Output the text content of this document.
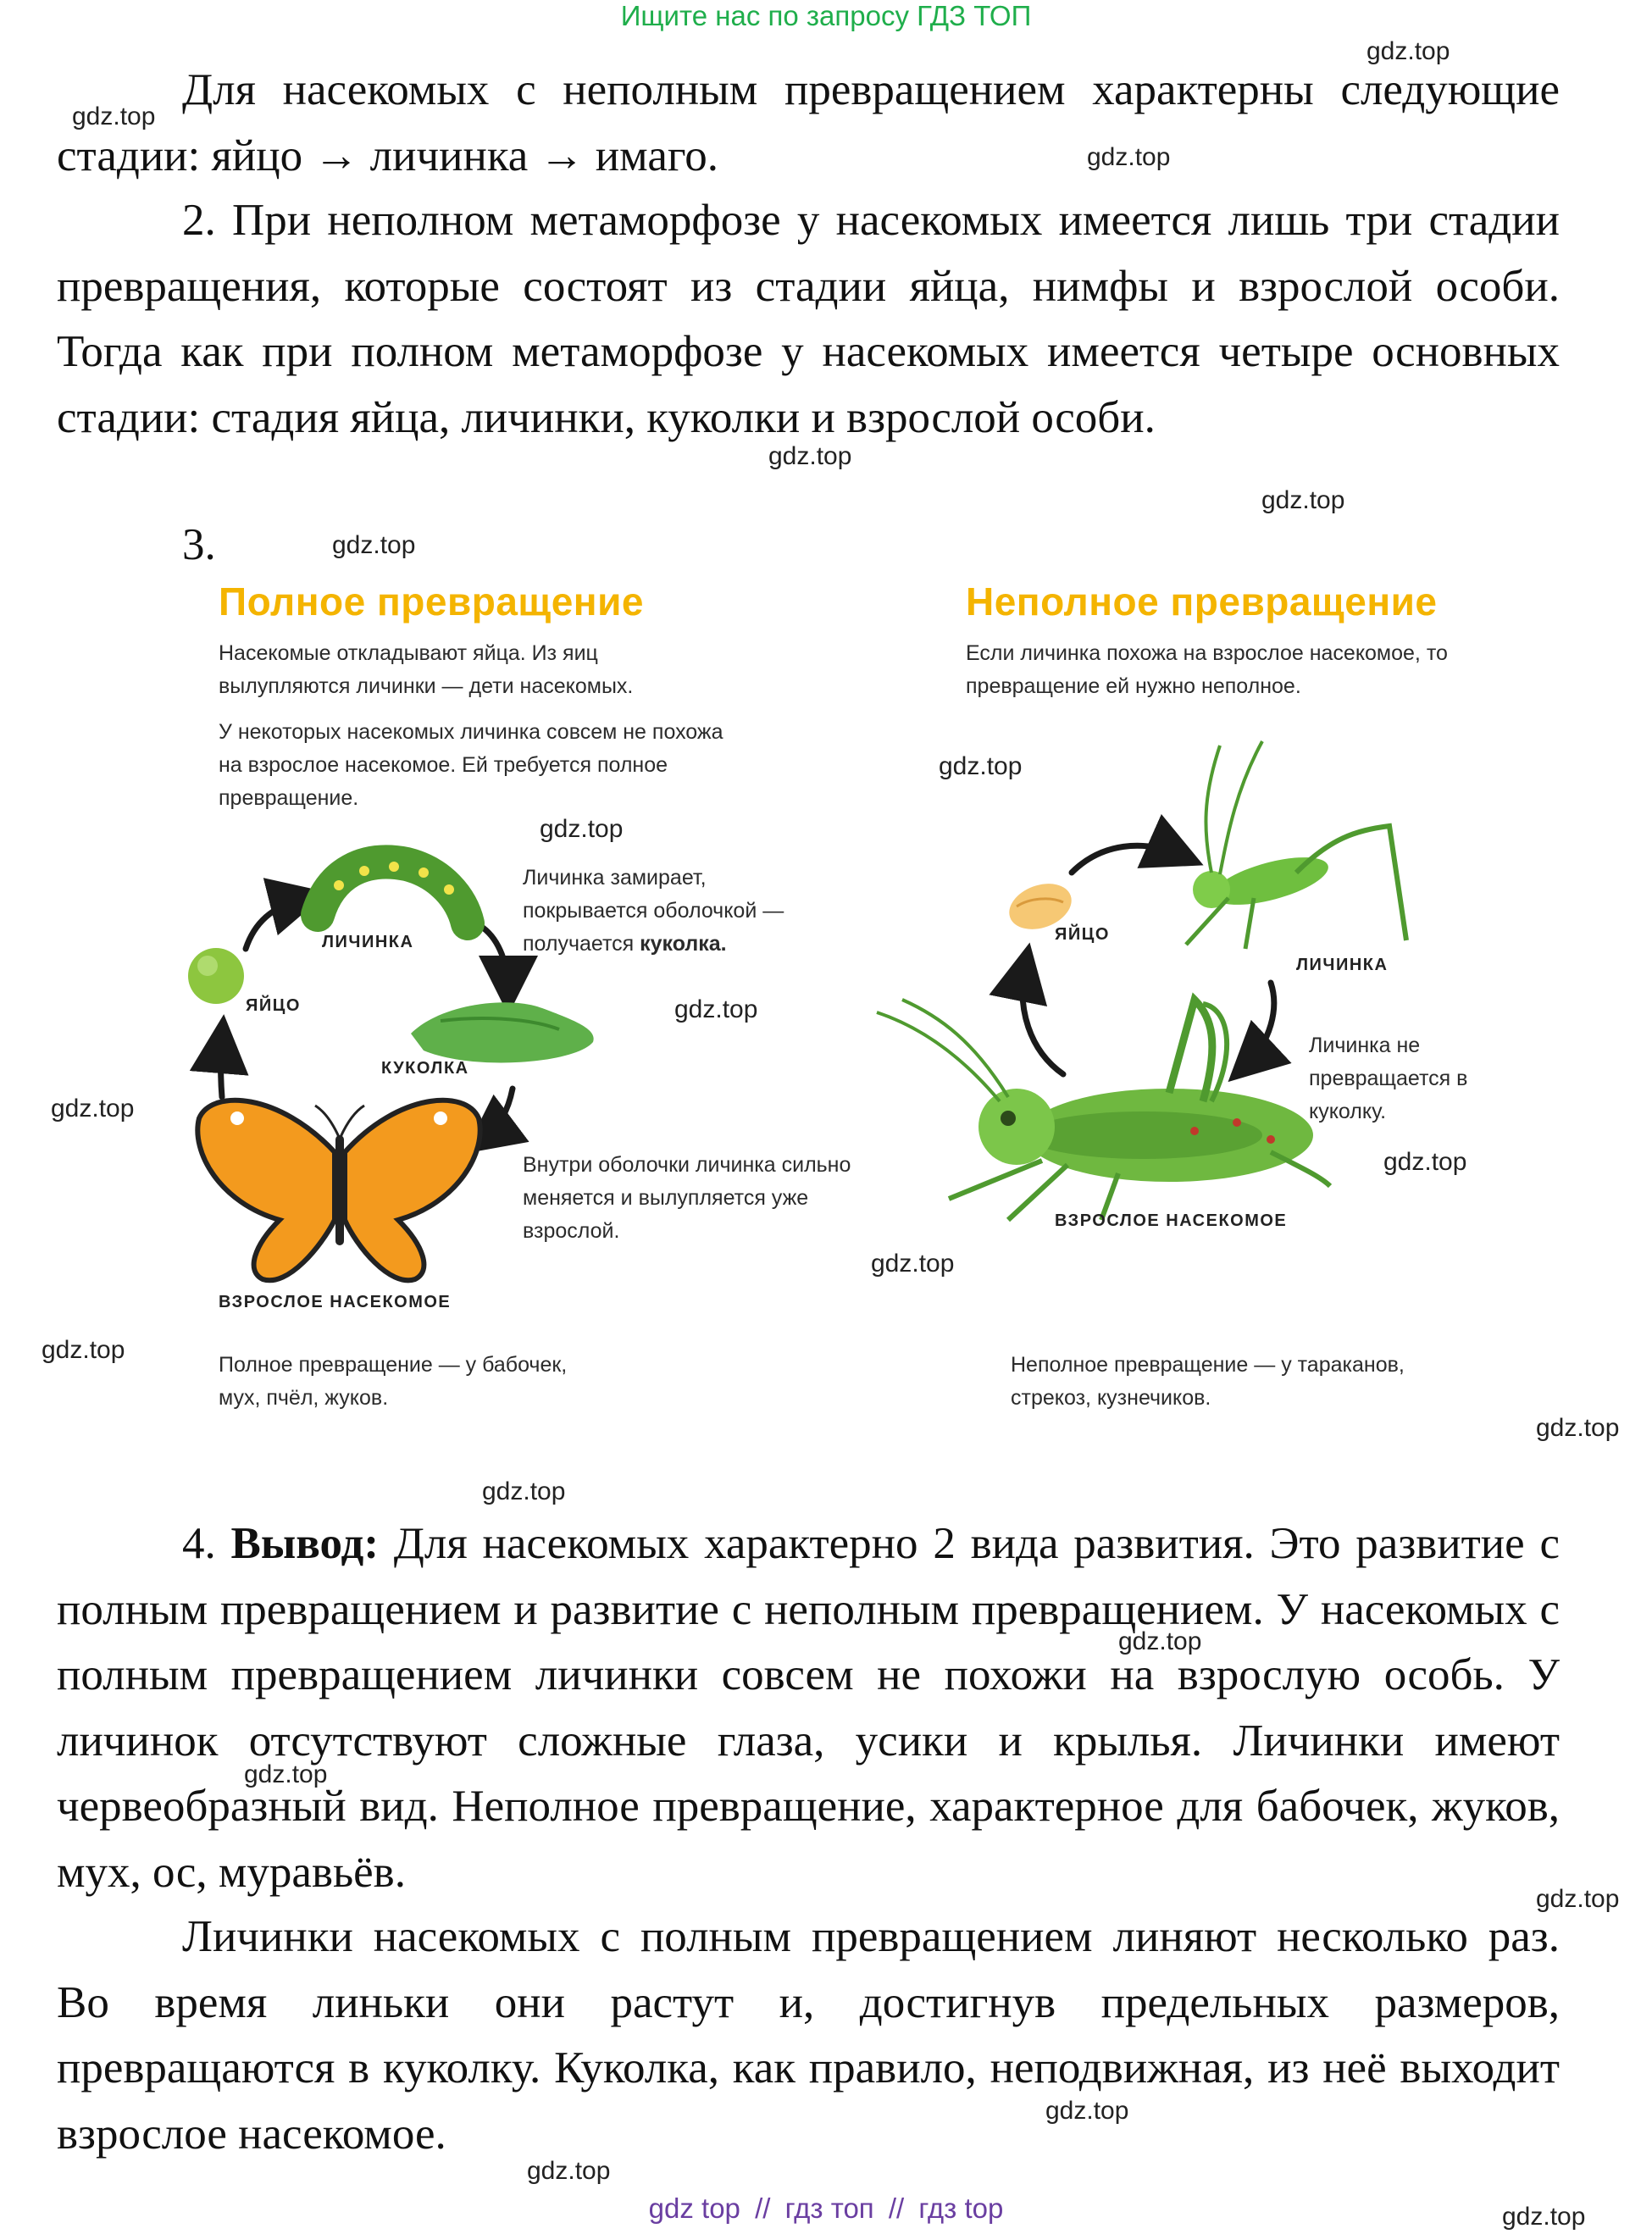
Ищите нас по запросу ГДЗ ТОП
Для насекомых с неполным превращением характерны следующие стадии: яйцо → личинка → имаго.
2. При неполном метаморфозе у насекомых имеется лишь три стадии превращения, которые состоят из стадии яйца, нимфы и взрослой особи. Тогда как при полном метаморфозе у насекомых имеется четыре основных стадии: стадия яйца, личинки, куколки и взрослой особи.
3.
Полное превращение
Насекомые откладывают яйца. Из яиц вылупляются личинки — дети насекомых.
У некоторых насекомых личинка совсем не похожа на взрослое насекомое. Ей требуется полное превращение.
Личинка замирает,
покрывается оболочкой —
получается куколка.
ЛИЧИНКА
ЯЙЦО
КУКОЛКА
Внутри оболочки личинка сильно меняется и вылупляется уже взрослой.
ВЗРОСЛОЕ НАСЕКОМОЕ
Полное превращение — у бабочек, мух, пчёл, жуков.
Неполное превращение
Если личинка похожа на взрослое насекомое, то превращение ей нужно неполное.
ЯЙЦО
ЛИЧИНКА
Личинка не превращается в куколку.
ВЗРОСЛОЕ НАСЕКОМОЕ
Неполное превращение — у тараканов, стрекоз, кузнечиков.
4. Вывод: Для насекомых характерно 2 вида развития. Это развитие с полным превращением и развитие с неполным превращением. У насекомых с полным превращением личинки совсем не похожи на взрослую особь. У личинок отсутствуют сложные глаза, усики и крылья. Личинки имеют червеобразный вид. Неполное превращение, характерное для бабочек, жуков, мух, ос, муравьёв.
Личинки насекомых с полным превращением линяют несколько раз. Во время линьки они растут и, достигнув предельных размеров, превращаются в куколку. Куколка, как правило, неподвижная, из неё выходит взрослое насекомое.
gdz.top
gdz.top
gdz.top
gdz.top
gdz.top
gdz.top
gdz.top
gdz.top
gdz.top
gdz.top
gdz.top
gdz.top
gdz.top
gdz.top
gdz.top
gdz.top
gdz.top
gdz.top
gdz.top
gdz.top
gdz.top
gdz top // гдз топ // гдз top
